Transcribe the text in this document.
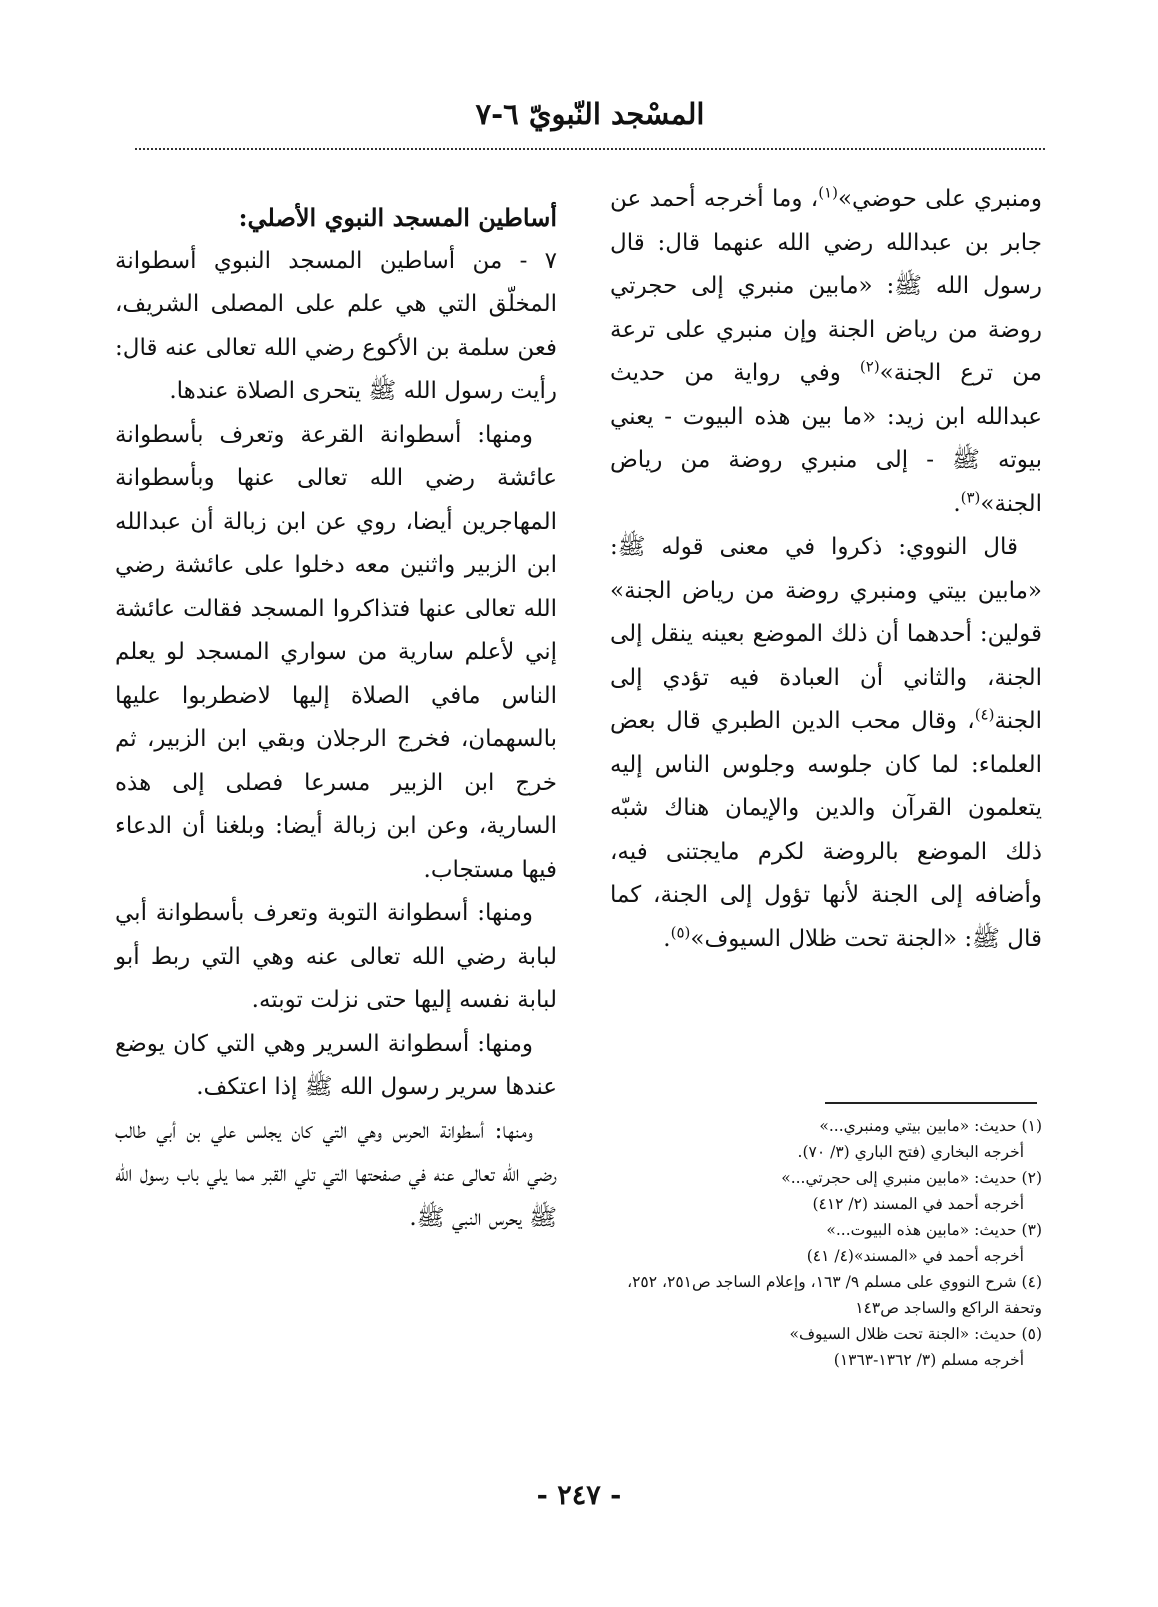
المسْجد النّبويّ ٦-٧

ومنبري على حوضي»$^{(١)}$، وما أخرجه أحمد عن جابر بن عبدالله رضي الله عنهما قال: قال رسول الله ﷺ: «مابين منبري إلى حجرتي روضة من رياض الجنة وإن منبري على ترعة من ترع الجنة»$^{(٢)}$ وفي رواية من حديث عبدالله ابن زيد: «ما بين هذه البيوت - يعني بيوته ﷺ - إلى منبري روضة من رياض الجنة»$^{(٣)}$.

قال النووي: ذكروا في معنى قوله ﷺ: «مابين بيتي ومنبري روضة من رياض الجنة» قولين: أحدهما أن ذلك الموضع بعينه ينقل إلى الجنة، والثاني أن العبادة فيه تؤدي إلى الجنة$^{(٤)}$، وقال محب الدين الطبري قال بعض العلماء: لما كان جلوسه وجلوس الناس إليه يتعلمون القرآن والدين والإيمان هناك شبّه ذلك الموضع بالروضة لكرم مايجتنى فيه، وأضافه إلى الجنة لأنها تؤول إلى الجنة، كما قال ﷺ: «الجنة تحت ظلال السيوف»$^{(٥)}$.

أساطين المسجد النبوي الأصلي:

٧ - من أساطين المسجد النبوي أسطوانة المخلّق التي هي علم على المصلى الشريف، فعن سلمة بن الأكوع رضي الله تعالى عنه قال: رأيت رسول الله ﷺ يتحرى الصلاة عندها.

ومنها: أسطوانة القرعة وتعرف بأسطوانة عائشة رضي الله تعالى عنها وبأسطوانة المهاجرين أيضا، روي عن ابن زبالة أن عبدالله ابن الزبير واثنين معه دخلوا على عائشة رضي الله تعالى عنها فتذاكروا المسجد فقالت عائشة إني لأعلم سارية من سواري المسجد لو يعلم الناس مافي الصلاة إليها لاضطربوا عليها بالسهمان، فخرج الرجلان وبقي ابن الزبير، ثم خرج ابن الزبير مسرعا فصلى إلى هذه السارية، وعن ابن زبالة أيضا: وبلغنا أن الدعاء فيها مستجاب.

ومنها: أسطوانة التوبة وتعرف بأسطوانة أبي لبابة رضي الله تعالى عنه وهي التي ربط أبو لبابة نفسه إليها حتى نزلت توبته.

ومنها: أسطوانة السرير وهي التي كان يوضع عندها سرير رسول الله ﷺ إذا اعتكف.

ومنها: أسطوانة الحرس وهي التي كان يجلس علي بن أبي طالب رضي الله تعالى عنه في صفحتها التي تلي القبر مما يلي باب رسول الله ﷺ يحرس النبي ﷺ.

(١) حديث: «مابين بيتي ومنبري...»

أخرجه البخاري (فتح الباري (٣/ ٧٠).

(٢) حديث: «مابين منبري إلى حجرتي...»

أخرجه أحمد في المسند (٢/ ٤١٢)

(٣) حديث: «مابين هذه البيوت...»

أخرجه أحمد في «المسند»(٤/ ٤١)

(٤) شرح النووي على مسلم ٩/ ١٦٣، وإعلام الساجد ص٢٥١، ٢٥٢، وتحفة الراكع والساجد ص١٤٣

(٥) حديث: «الجنة تحت ظلال السيوف»

أخرجه مسلم (٣/ ١٣٦٢-١٣٦٣)

- ٢٤٧ -
